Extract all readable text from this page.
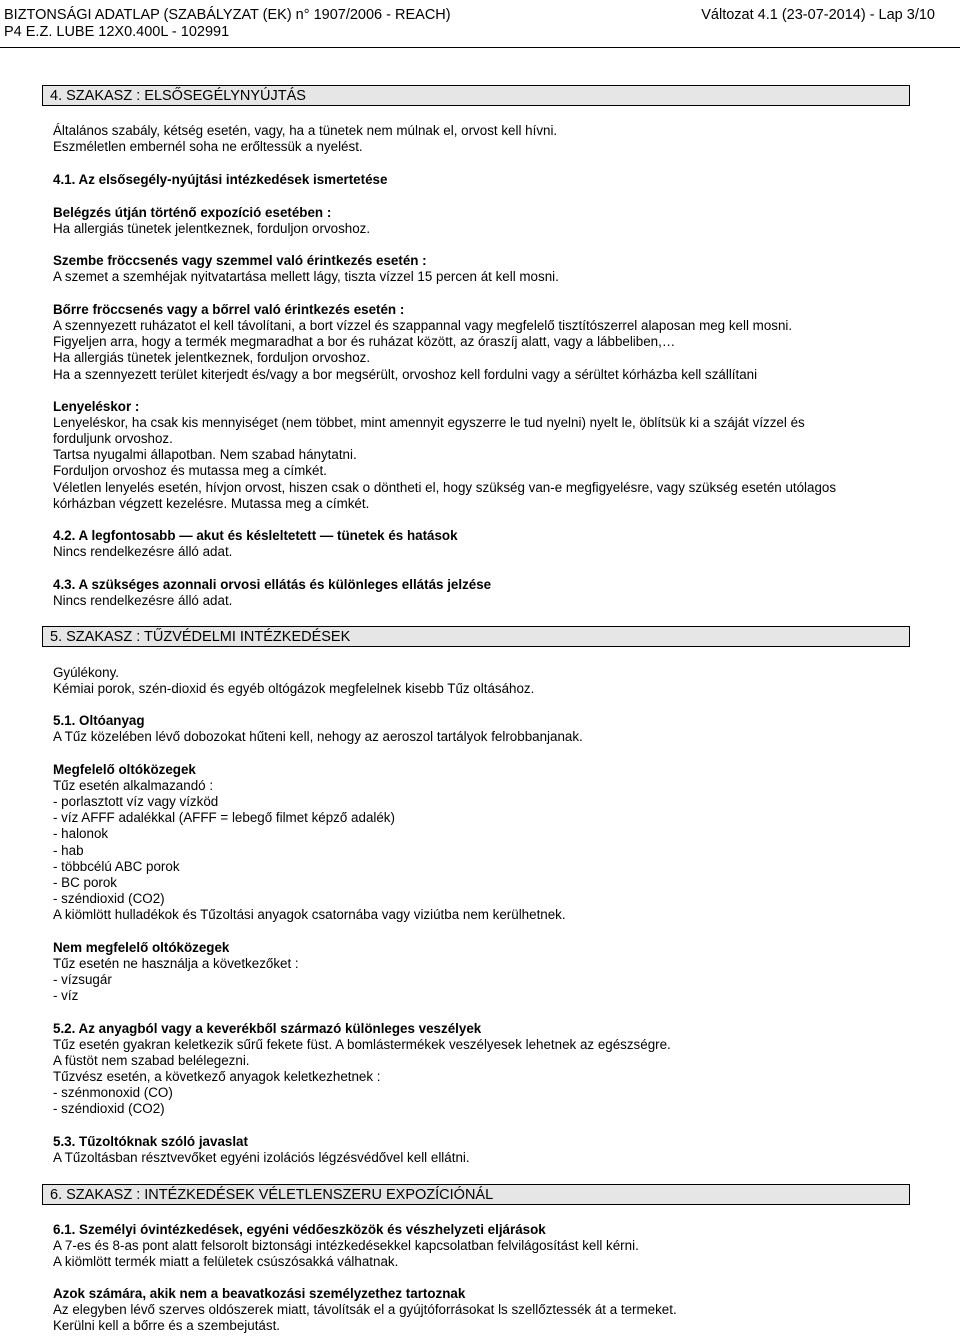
BIZTONSÁGI ADATLAP (SZABÁLYZAT (EK) n° 1907/2006 - REACH)	Változat 4.1 (23-07-2014) - Lap 3/10
P4 E.Z. LUBE 12X0.400L - 102991
4. SZAKASZ : ELSŐSEGÉLYNYÚJTÁS
Általános szabály, kétség esetén, vagy, ha a tünetek nem múlnak el, orvost kell hívni.
Eszméletlen embernél soha ne erőltessük a nyelést.
4.1. Az elsősegély-nyújtási intézkedések ismertetése
Belégzés útján történő expozíció esetében :
Ha allergiás tünetek jelentkeznek, forduljon orvoshoz.
Szembe fröccsenés vagy szemmel való érintkezés esetén :
A szemet a szemhéjak nyitvatartása mellett lágy, tiszta vízzel 15 percen át kell mosni.
Bőrre fröccsenés vagy a bőrrel való érintkezés esetén :
A szennyezett ruházatot el kell távolítani, a bort vízzel és szappannal vagy megfelelő tisztítószerrel alaposan meg kell mosni.
Figyeljen arra, hogy a termék megmaradhat a bor és ruházat között, az óraszíj alatt, vagy a lábbeliben,…
Ha allergiás tünetek jelentkeznek, forduljon orvoshoz.
Ha a szennyezett terület kiterjedt és/vagy a bor megsérült, orvoshoz kell fordulni vagy a sérültet kórházba kell szállítani
Lenyeléskor :
Lenyeléskor, ha csak kis mennyiséget (nem többet, mint amennyit egyszerre le tud nyelni) nyelt le, öblítsük ki a száját vízzel és
forduljunk orvoshoz.
Tartsa nyugalmi állapotban. Nem szabad hánytatni.
Forduljon orvoshoz és mutassa meg a címkét.
Véletlen lenyelés esetén, hívjon orvost, hiszen csak o döntheti el, hogy szükség van-e megfigyelésre, vagy szükség esetén utólagos
kórházban végzett kezelésre. Mutassa meg a címkét.
4.2. A legfontosabb — akut és késleltetett — tünetek és hatások
Nincs rendelkezésre álló adat.
4.3. A szükséges azonnali orvosi ellátás és különleges ellátás jelzése
Nincs rendelkezésre álló adat.
5. SZAKASZ : TŰZVÉDELMI INTÉZKEDÉSEK
Gyúlékony.
Kémiai porok, szén-dioxid és egyéb oltógázok megfelelnek kisebb Tűz oltásához.
5.1. Oltóanyag
A Tűz közelében lévő dobozokat hűteni kell, nehogy az aeroszol tartályok felrobbanjanak.
Megfelelő oltóközegek
Tűz esetén alkalmazandó :
- porlasztott víz vagy vízköd
- víz AFFF adalékkal (AFFF = lebegő filmet képző adalék)
- halonok
- hab
- többcélú ABC porok
- BC porok
- széndioxid (CO2)
A kiömlött hulladékok és Tűzoltási anyagok csatornába vagy viziútba nem kerülhetnek.
Nem megfelelő oltóközegek
Tűz esetén ne használja a következőket :
- vízsugár
- víz
5.2. Az anyagból vagy a keverékből származó különleges veszélyek
Tűz esetén gyakran keletkezik sűrű fekete füst. A bomlástermékek veszélyesek lehetnek az egészségre.
A füstöt nem szabad belélegezni.
Tűzvész esetén, a következő anyagok keletkezhetnek :
- szénmonoxid (CO)
- széndioxid (CO2)
5.3. Tűzoltóknak szóló javaslat
A Tűzoltásban résztvevőket egyéni izolációs légzésvédővel kell ellátni.
6. SZAKASZ : INTÉZKEDÉSEK VÉLETLENSZERU EXPOZÍCIÓNÁL
6.1. Személyi óvintézkedések, egyéni védőeszközök és vészhelyzeti eljárások
A 7-es és 8-as pont alatt felsorolt biztonsági intézkedésekkel kapcsolatban felvilágosítást kell kérni.
A kiömlött termék miatt a felületek csúszósakká válhatnak.
Azok számára, akik nem a beavatkozási személyzethez tartoznak
Az elegyben lévő szerves oldószerek miatt, távolítsák el a gyújtóforrásokat ls szellőztessék át a termeket.
Kerülni kell a bőrre és a szembejutást.
